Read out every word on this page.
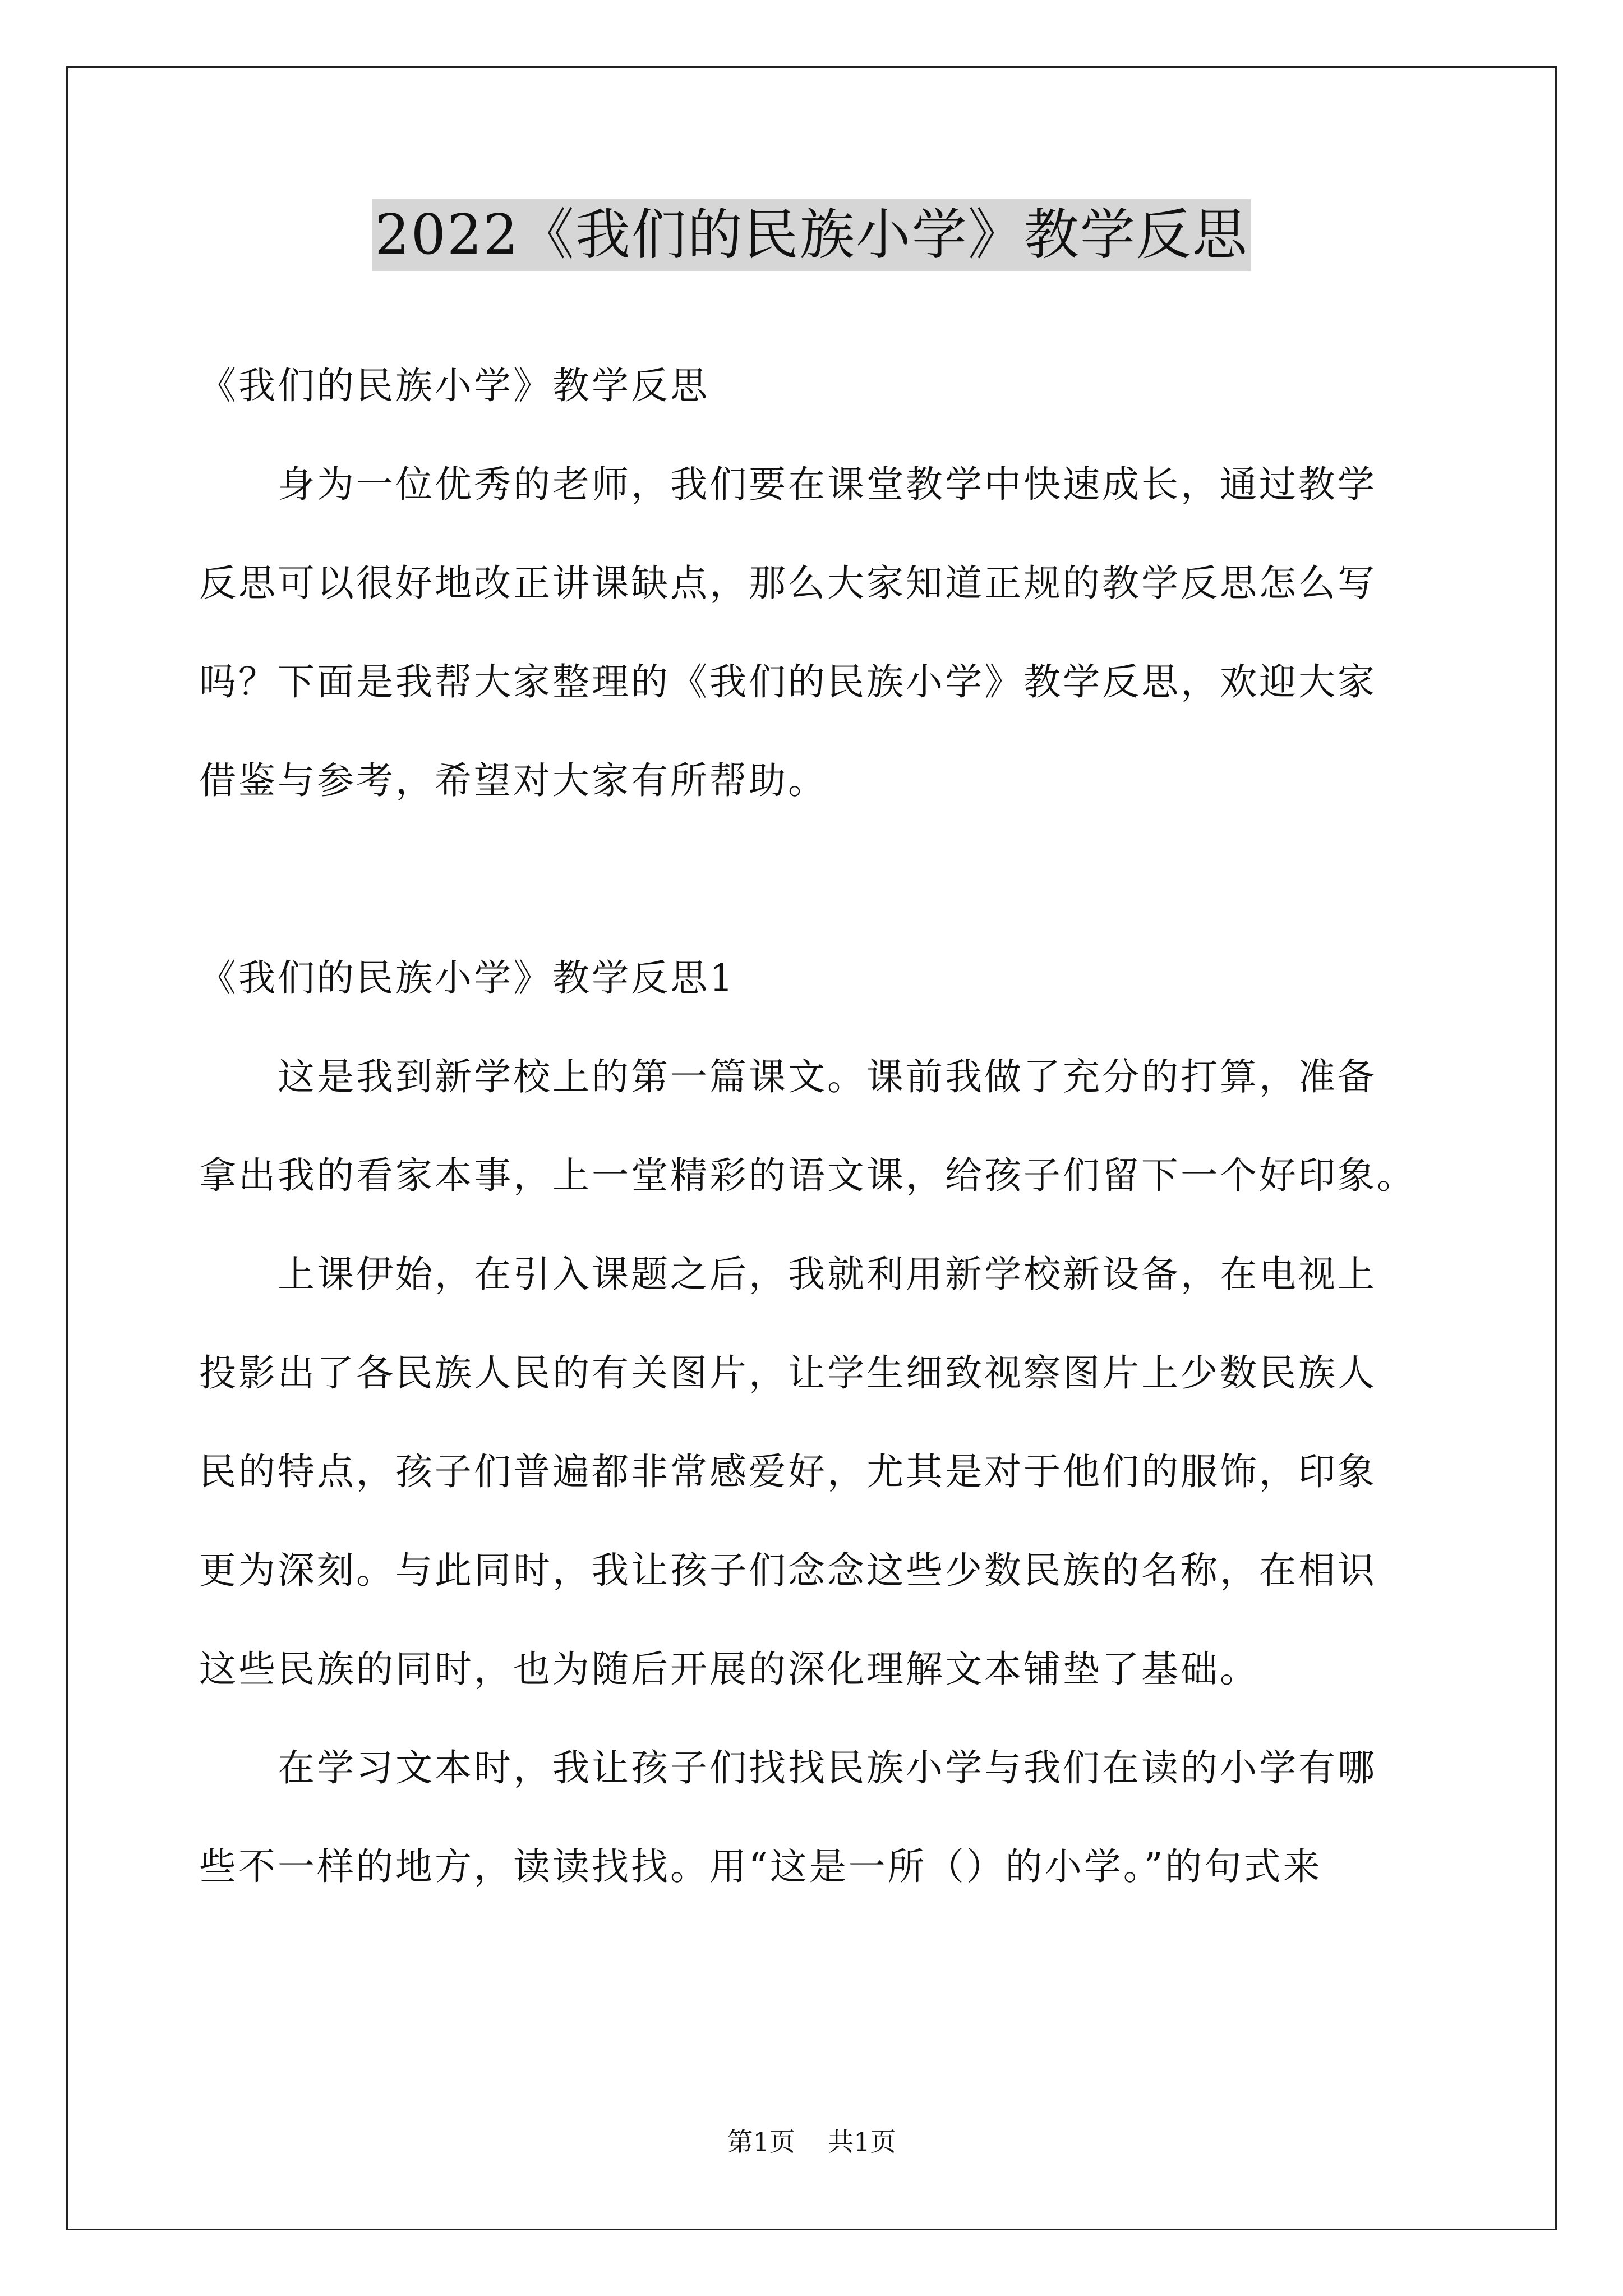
2022《我们的民族小学》教学反思
《我们的民族小学》教学反思
身为一位优秀的老师，我们要在课堂教学中快速成长，通过教学
反思可以很好地改正讲课缺点，那么大家知道正规的教学反思怎么写
吗？下面是我帮大家整理的《我们的民族小学》教学反思，欢迎大家
借鉴与参考，希望对大家有所帮助。
《我们的民族小学》教学反思1
这是我到新学校上的第一篇课文。课前我做了充分的打算，准备
拿出我的看家本事，上一堂精彩的语文课，给孩子们留下一个好印象。
上课伊始，在引入课题之后，我就利用新学校新设备，在电视上
投影出了各民族人民的有关图片，让学生细致视察图片上少数民族人
民的特点，孩子们普遍都非常感爱好，尤其是对于他们的服饰，印象
更为深刻。与此同时，我让孩子们念念这些少数民族的名称，在相识
这些民族的同时，也为随后开展的深化理解文本铺垫了基础。
在学习文本时，我让孩子们找找民族小学与我们在读的小学有哪
些不一样的地方，读读找找。用“这是一所（）的小学。”的句式来
第1页 共1页
